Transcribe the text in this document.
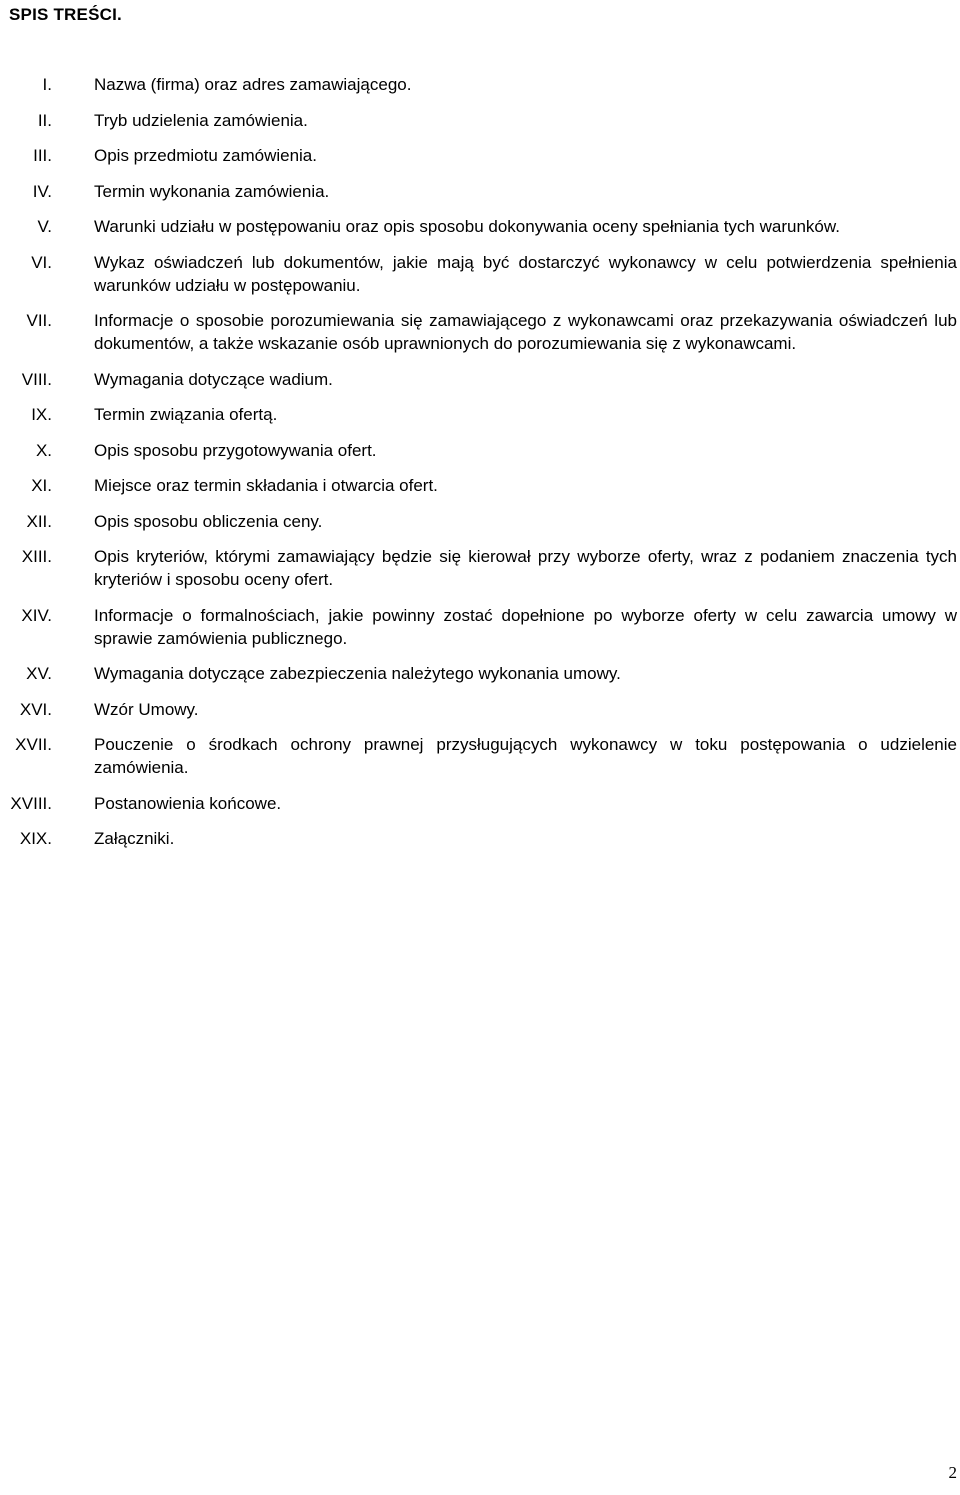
SPIS TREŚCI.
I. Nazwa (firma) oraz adres zamawiającego.
II. Tryb udzielenia zamówienia.
III. Opis przedmiotu zamówienia.
IV. Termin wykonania zamówienia.
V. Warunki udziału w postępowaniu oraz opis sposobu dokonywania oceny spełniania tych warunków.
VI. Wykaz oświadczeń lub dokumentów, jakie mają być dostarczyć wykonawcy w celu potwierdzenia spełnienia warunków udziału w postępowaniu.
VII. Informacje o sposobie porozumiewania się zamawiającego z wykonawcami oraz przekazywania oświadczeń lub dokumentów, a także wskazanie osób uprawnionych do porozumiewania się z wykonawcami.
VIII. Wymagania dotyczące wadium.
IX. Termin związania ofertą.
X. Opis sposobu przygotowywania ofert.
XI. Miejsce oraz termin składania i otwarcia ofert.
XII. Opis sposobu obliczenia ceny.
XIII. Opis kryteriów, którymi zamawiający będzie się kierował przy wyborze oferty, wraz z podaniem znaczenia tych kryteriów i sposobu oceny ofert.
XIV. Informacje o formalnościach, jakie powinny zostać dopełnione po wyborze oferty w celu zawarcia umowy w sprawie zamówienia publicznego.
XV. Wymagania dotyczące zabezpieczenia należytego wykonania umowy.
XVI. Wzór Umowy.
XVII. Pouczenie o środkach ochrony prawnej przysługujących wykonawcy w toku postępowania o udzielenie zamówienia.
XVIII. Postanowienia końcowe.
XIX. Załączniki.
2
